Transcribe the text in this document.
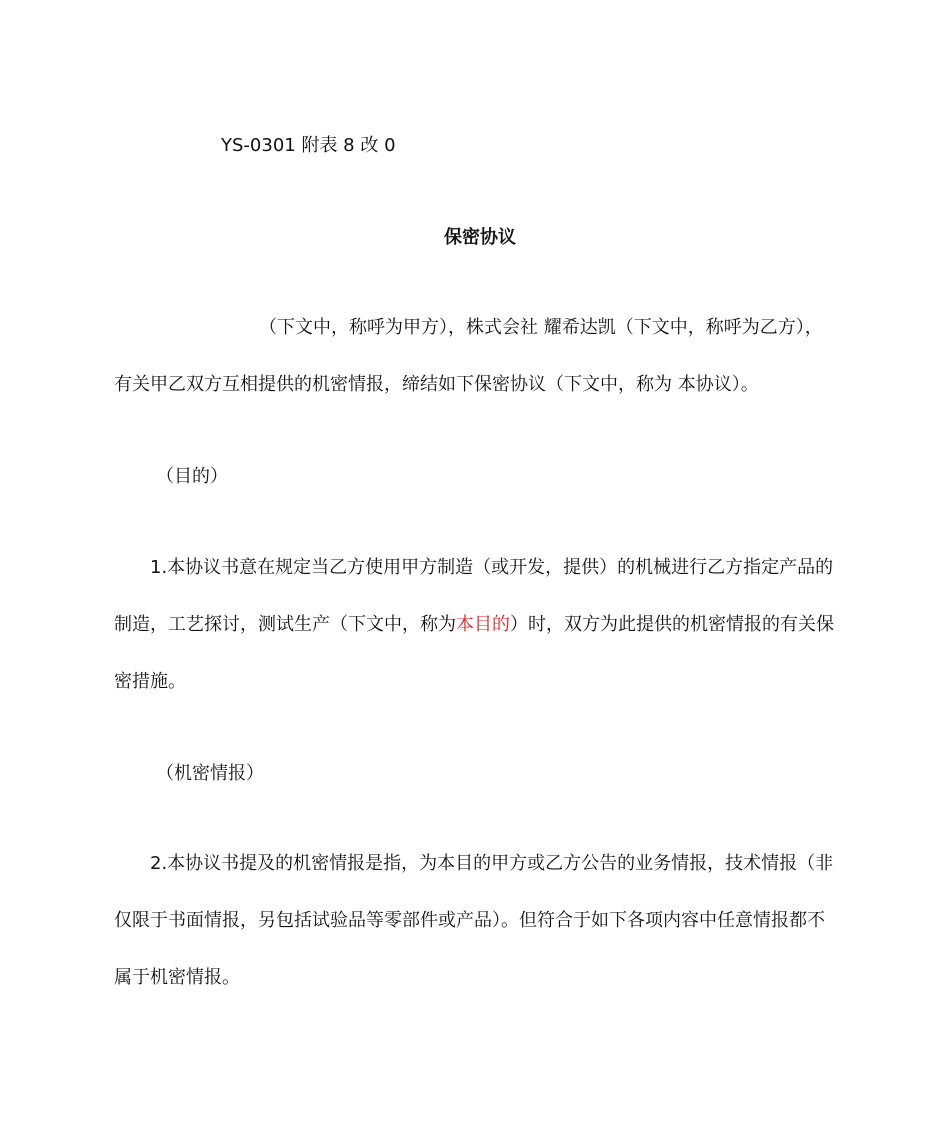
YS-0301 附表 8 改 0
保密协议
（下文中，称呼为甲方），株式会社 耀希达凯（下文中，称呼为乙方），
有关甲乙双方互相提供的机密情报，缔结如下保密协议（下文中，称为 本协议）。
（目的）
1.本协议书意在规定当乙方使用甲方制造（或开发，提供）的机械进行乙方指定产品的
制造，工艺探讨，测试生产（下文中，称为本目的）时，双方为此提供的机密情报的有关保
密措施。
（机密情报）
2.本协议书提及的机密情报是指，为本目的甲方或乙方公告的业务情报，技术情报（非
仅限于书面情报，另包括试验品等零部件或产品）。但符合于如下各项内容中任意情报都不
属于机密情报。
